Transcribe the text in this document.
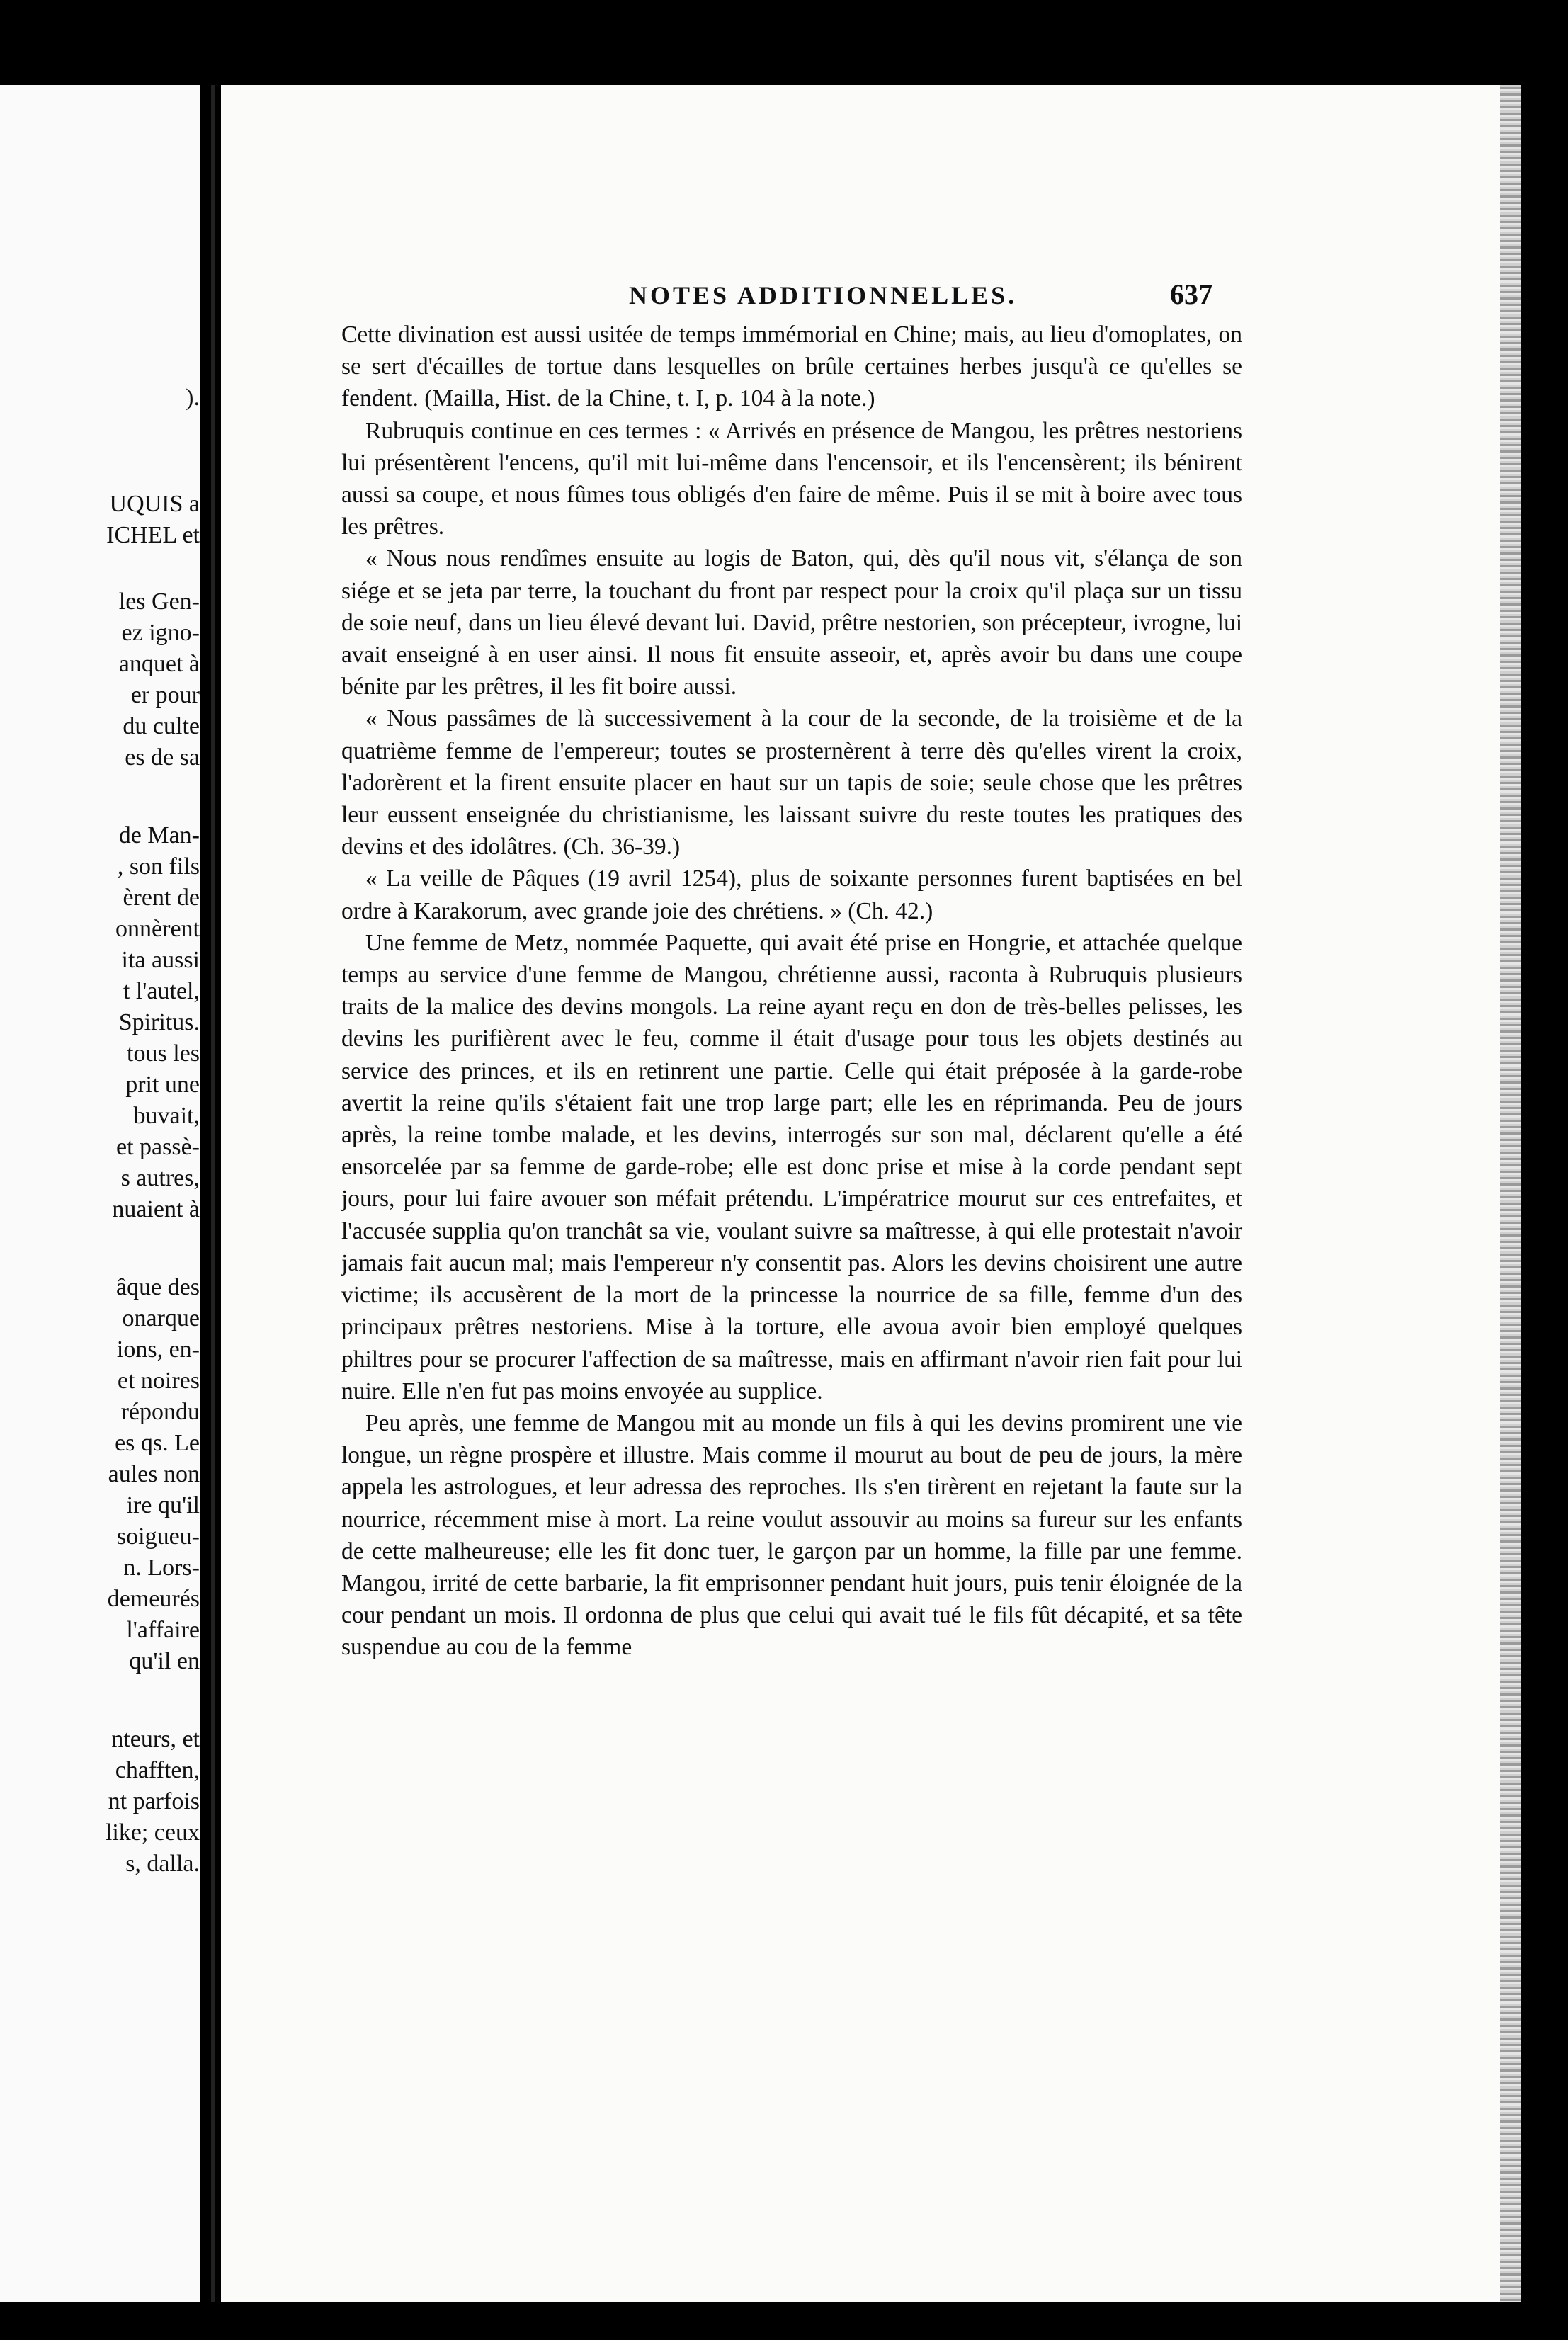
).
UQUIS a
ICHEL et
les Gen-
ez igno-
anquet à
er pour
du culte
es de sa
de Man-
, son fils
èrent de
onnèrent
ita aussi
t l'autel,
Spiritus.
tous les
prit une
buvait,
et passè-
s autres,
nuaient à
âque des
onarque
ions, en-
et noires
répondu
es qs. Le
aules non
ire qu'il
soigueu-
n. Lors-
demeurés
l'affaire
qu'il en
nteurs, et
chafften,
nt parfois
like; ceux
s, dalla.
NOTES ADDITIONNELLES.	637

Cette divination est aussi usitée de temps immémorial en Chine; mais, au lieu d'omoplates, on se sert d'écailles de tortue dans lesquelles on brûle certaines herbes jusqu'à ce qu'elles se fendent. (Mailla, Hist. de la Chine, t. I, p. 104 à la note.)

Rubruquis continue en ces termes : « Arrivés en présence de Mangou, les prêtres nestoriens lui présentèrent l'encens, qu'il mit lui-même dans l'encensoir, et ils l'encensèrent; ils bénirent aussi sa coupe, et nous fûmes tous obligés d'en faire de même. Puis il se mit à boire avec tous les prêtres.

« Nous nous rendîmes ensuite au logis de Baton, qui, dès qu'il nous vit, s'élança de son siége et se jeta par terre, la touchant du front par respect pour la croix qu'il plaça sur un tissu de soie neuf, dans un lieu élevé devant lui. David, prêtre nestorien, son précepteur, ivrogne, lui avait enseigné à en user ainsi. Il nous fit ensuite asseoir, et, après avoir bu dans une coupe bénite par les prêtres, il les fit boire aussi.

« Nous passâmes de là successivement à la cour de la seconde, de la troisième et de la quatrième femme de l'empereur; toutes se prosternèrent à terre dès qu'elles virent la croix, l'adorèrent et la firent ensuite placer en haut sur un tapis de soie; seule chose que les prêtres leur eussent enseignée du christianisme, les laissant suivre du reste toutes les pratiques des devins et des idolâtres. (Ch. 36-39.)

« La veille de Pâques (19 avril 1254), plus de soixante personnes furent baptisées en bel ordre à Karakorum, avec grande joie des chrétiens. » (Ch. 42.)

Une femme de Metz, nommée Paquette, qui avait été prise en Hongrie, et attachée quelque temps au service d'une femme de Mangou, chrétienne aussi, raconta à Rubruquis plusieurs traits de la malice des devins mongols. La reine ayant reçu en don de très-belles pelisses, les devins les purifièrent avec le feu, comme il était d'usage pour tous les objets destinés au service des princes, et ils en retinrent une partie. Celle qui était préposée à la garde-robe avertit la reine qu'ils s'étaient fait une trop large part; elle les en réprimanda. Peu de jours après, la reine tombe malade, et les devins, interrogés sur son mal, déclarent qu'elle a été ensorcelée par sa femme de garde-robe; elle est donc prise et mise à la corde pendant sept jours, pour lui faire avouer son méfait prétendu. L'impératrice mourut sur ces entrefaites, et l'accusée supplia qu'on tranchât sa vie, voulant suivre sa maîtresse, à qui elle protestait n'avoir jamais fait aucun mal; mais l'empereur n'y consentit pas. Alors les devins choisirent une autre victime; ils accusèrent de la mort de la princesse la nourrice de sa fille, femme d'un des principaux prêtres nestoriens. Mise à la torture, elle avoua avoir bien employé quelques philtres pour se procurer l'affection de sa maîtresse, mais en affirmant n'avoir rien fait pour lui nuire. Elle n'en fut pas moins envoyée au supplice.

Peu après, une femme de Mangou mit au monde un fils à qui les devins promirent une vie longue, un règne prospère et illustre. Mais comme il mourut au bout de peu de jours, la mère appela les astrologues, et leur adressa des reproches. Ils s'en tirèrent en rejetant la faute sur la nourrice, récemment mise à mort. La reine voulut assouvir au moins sa fureur sur les enfants de cette malheureuse; elle les fit donc tuer, le garçon par un homme, la fille par une femme. Mangou, irrité de cette barbarie, la fit emprisonner pendant huit jours, puis tenir éloignée de la cour pendant un mois. Il ordonna de plus que celui qui avait tué le fils fût décapité, et sa tête suspendue au cou de la femme
